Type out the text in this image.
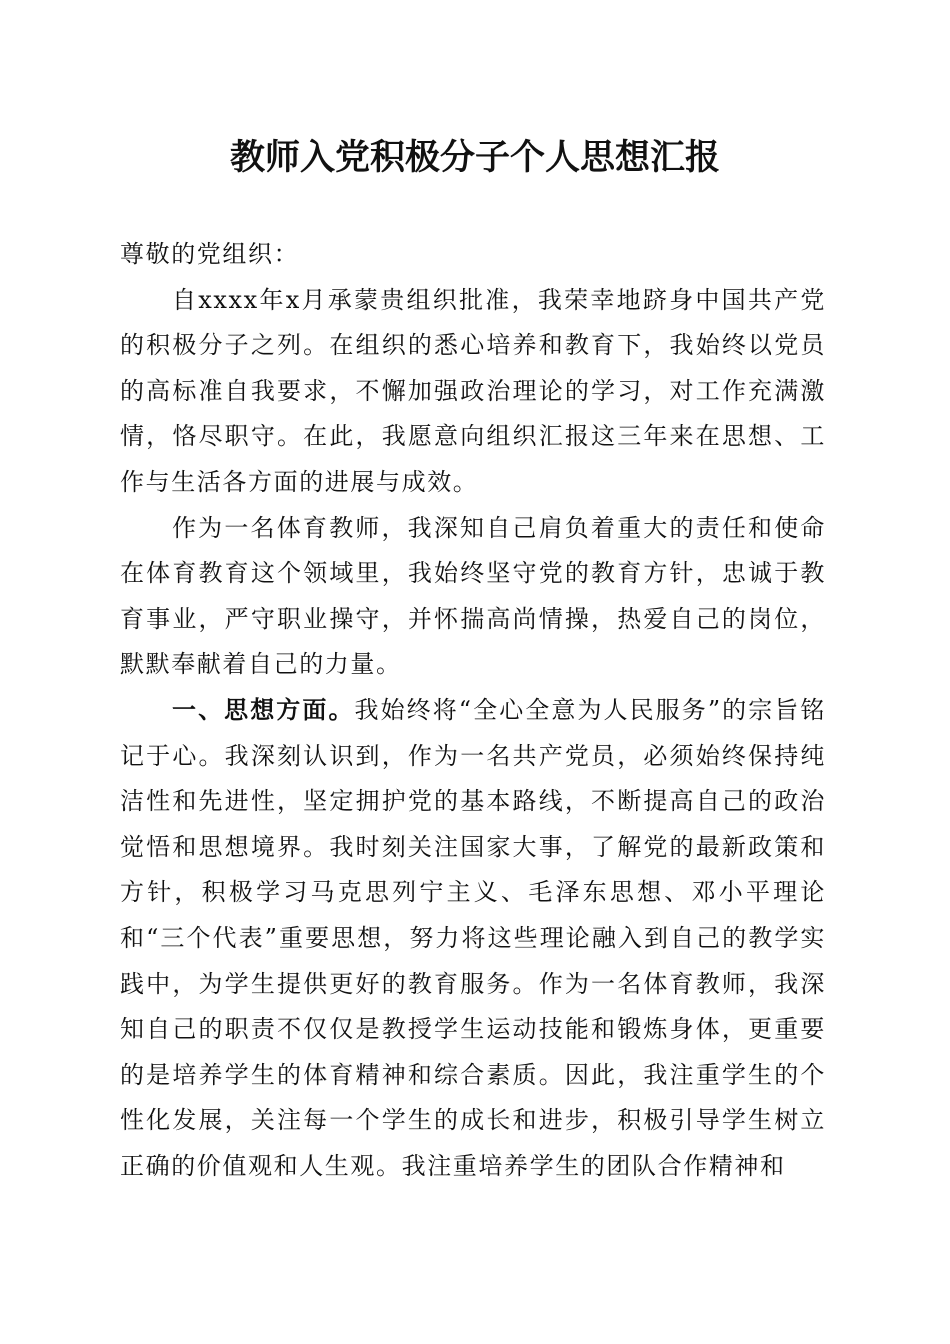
教师入党积极分子个人思想汇报

尊敬的党组织：

自xxxx年x月承蒙贵组织批准，我荣幸地跻身中国共产党的积极分子之列。在组织的悉心培养和教育下，我始终以党员的高标准自我要求，不懈加强政治理论的学习，对工作充满激情，恪尽职守。在此，我愿意向组织汇报这三年来在思想、工作与生活各方面的进展与成效。

作为一名体育教师，我深知自己肩负着重大的责任和使命在体育教育这个领域里，我始终坚守党的教育方针，忠诚于教育事业，严守职业操守，并怀揣高尚情操，热爱自己的岗位，默默奉献着自己的力量。

一、思想方面。我始终将“全心全意为人民服务”的宗旨铭记于心。我深刻认识到，作为一名共产党员，必须始终保持纯洁性和先进性，坚定拥护党的基本路线，不断提高自己的政治觉悟和思想境界。我时刻关注国家大事，了解党的最新政策和方针，积极学习马克思列宁主义、毛泽东思想、邓小平理论和“三个代表”重要思想，努力将这些理论融入到自己的教学实践中，为学生提供更好的教育服务。作为一名体育教师，我深知自己的职责不仅仅是教授学生运动技能和锻炼身体，更重要的是培养学生的体育精神和综合素质。因此，我注重学生的个性化发展，关注每一个学生的成长和进步，积极引导学生树立正确的价值观和人生观。我注重培养学生的团队合作精神和
